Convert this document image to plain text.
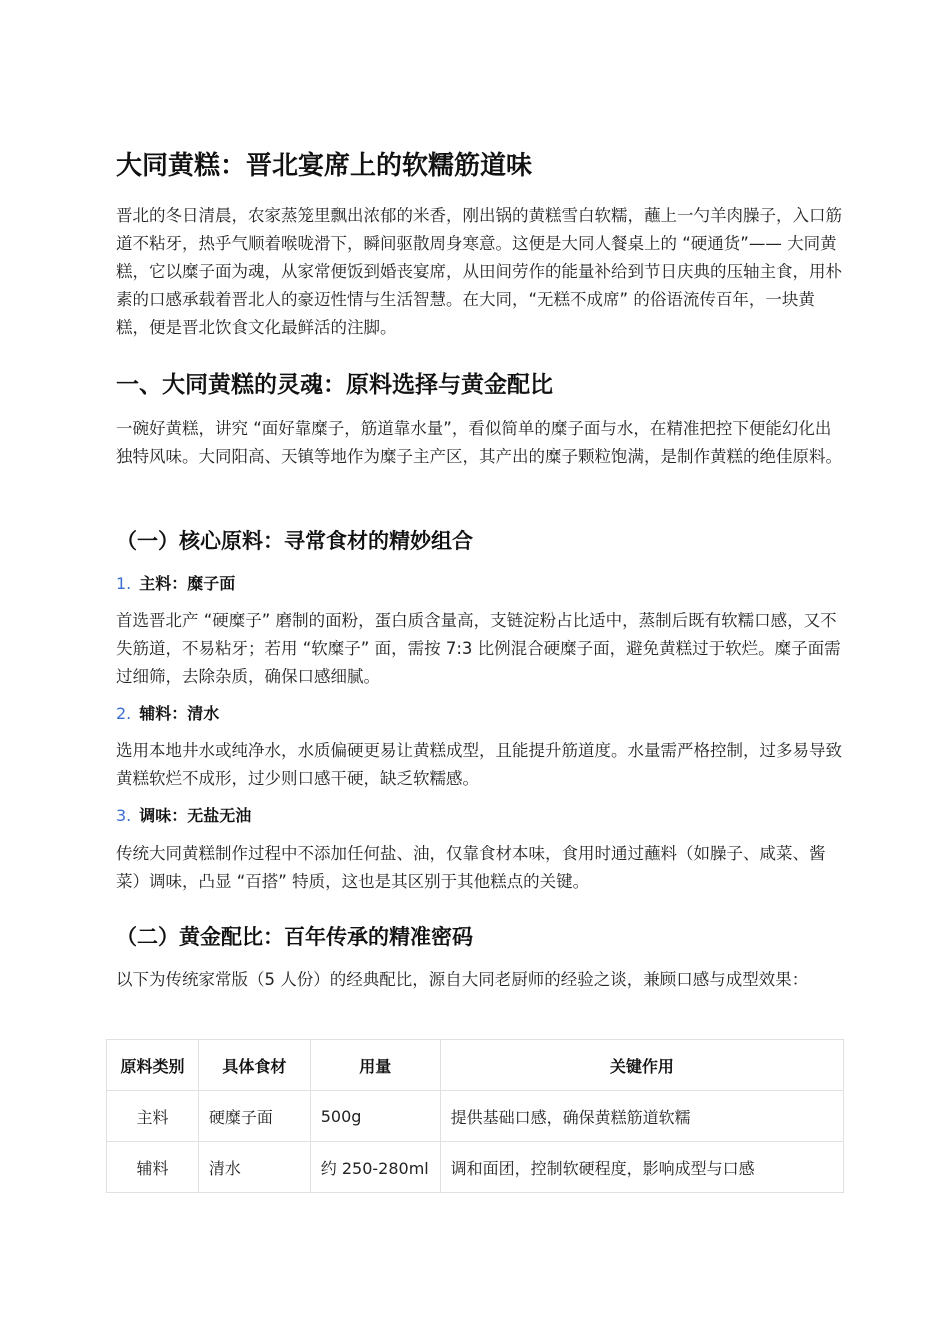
大同黄糕：晋北宴席上的软糯筋道味

晋北的冬日清晨，农家蒸笼里飘出浓郁的米香，刚出锅的黄糕雪白软糯，蘸上一勺羊肉臊子，入口筋道不粘牙，热乎气顺着喉咙滑下，瞬间驱散周身寒意。这便是大同人餐桌上的 “硬通货”—— 大同黄糕，它以糜子面为魂，从家常便饭到婚丧宴席，从田间劳作的能量补给到节日庆典的压轴主食，用朴素的口感承载着晋北人的豪迈性情与生活智慧。在大同，“无糕不成席” 的俗语流传百年，一块黄糕，便是晋北饮食文化最鲜活的注脚。

一、大同黄糕的灵魂：原料选择与黄金配比

一碗好黄糕，讲究 “面好靠糜子，筋道靠水量”，看似简单的糜子面与水，在精准把控下便能幻化出独特风味。大同阳高、天镇等地作为糜子主产区，其产出的糜子颗粒饱满，是制作黄糕的绝佳原料。

（一）核心原料：寻常食材的精妙组合
1. 主料：糜子面

首选晋北产 “硬糜子” 磨制的面粉，蛋白质含量高，支链淀粉占比适中，蒸制后既有软糯口感，又不失筋道，不易粘牙；若用 “软糜子” 面，需按 7:3 比例混合硬糜子面，避免黄糕过于软烂。糜子面需过细筛，去除杂质，确保口感细腻。

2. 辅料：清水

选用本地井水或纯净水，水质偏硬更易让黄糕成型，且能提升筋道度。水量需严格控制，过多易导致黄糕软烂不成形，过少则口感干硬，缺乏软糯感。

3. 调味：无盐无油

传统大同黄糕制作过程中不添加任何盐、油，仅靠食材本味，食用时通过蘸料（如臊子、咸菜、酱菜）调味，凸显 “百搭” 特质，这也是其区别于其他糕点的关键。

（二）黄金配比：百年传承的精准密码

以下为传统家常版（5 人份）的经典配比，源自大同老厨师的经验之谈，兼顾口感与成型效果：

原料类别	具体食材	用量	关键作用
主料	硬糜子面	500g	提供基础口感，确保黄糕筋道软糯
辅料	清水	约 250-280ml	调和面团，控制软硬程度，影响成型与口感
